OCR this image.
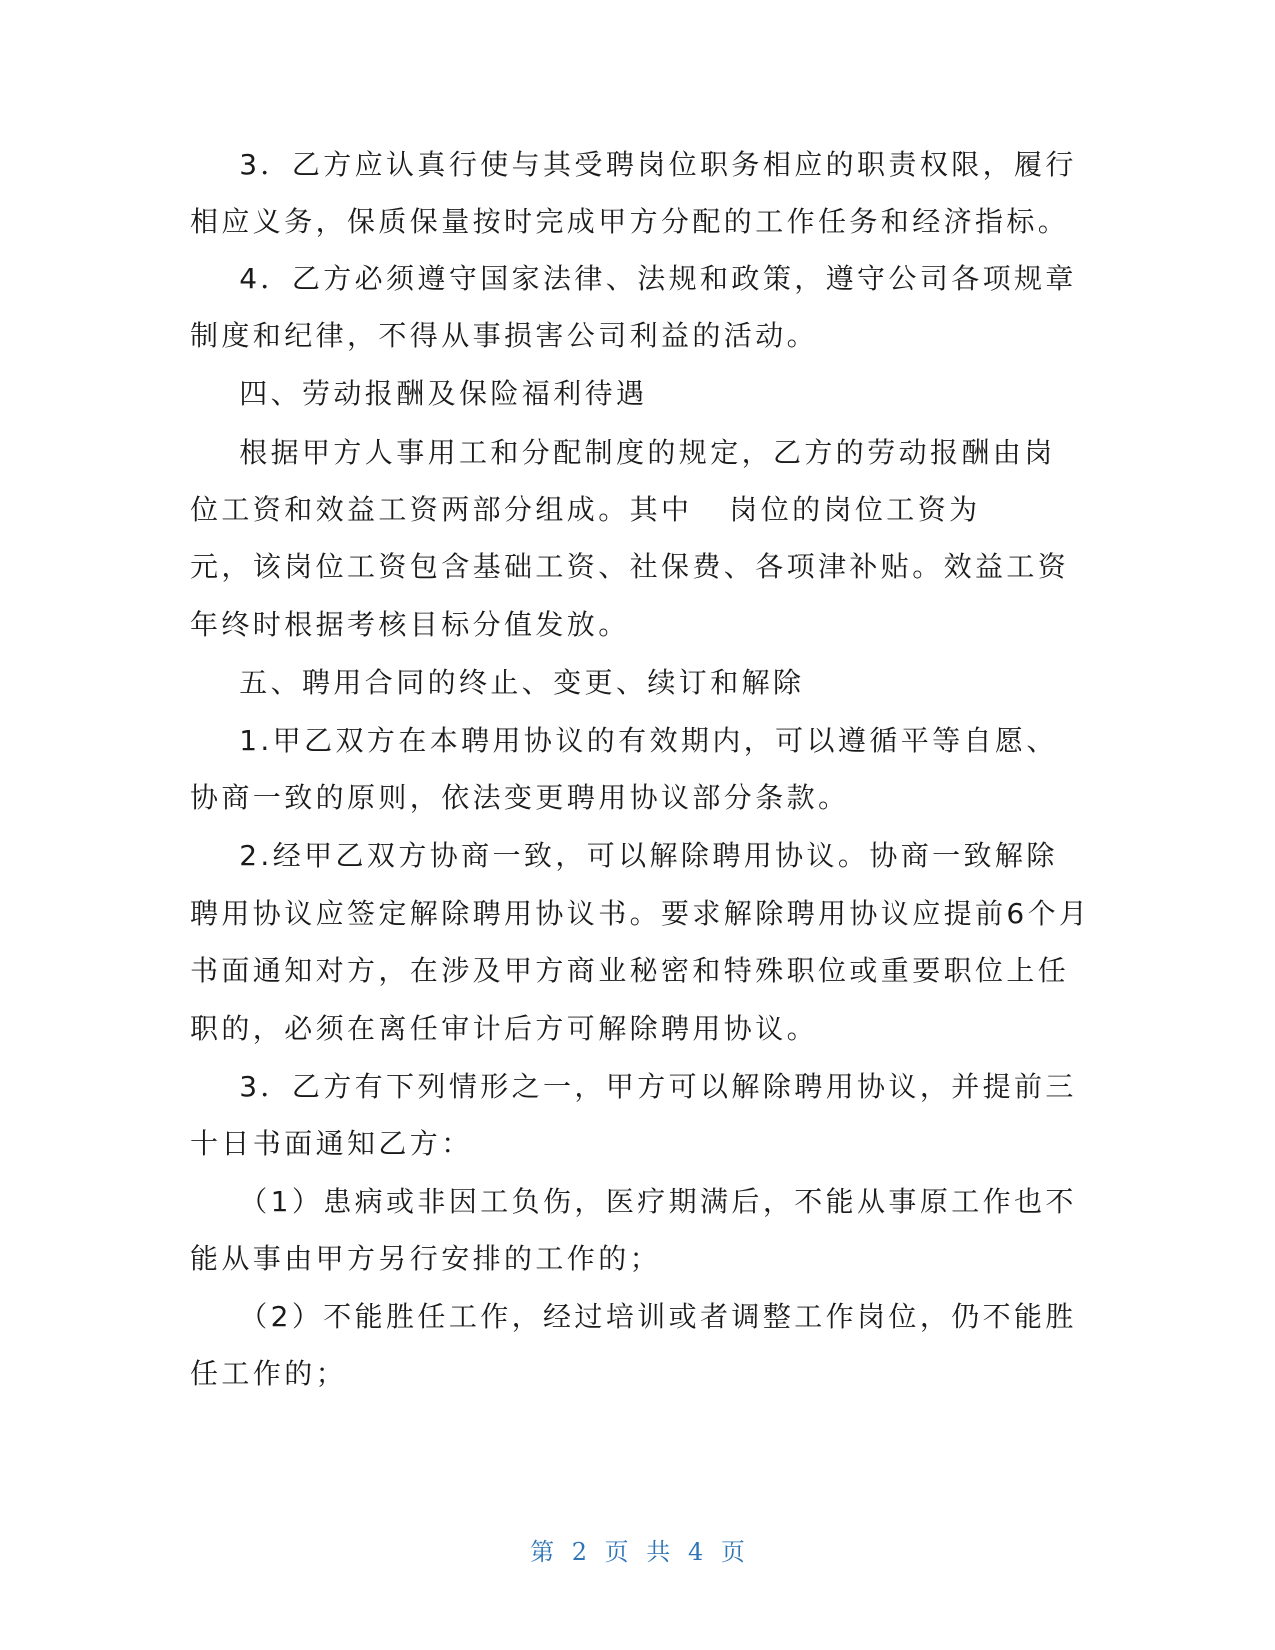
3．乙方应认真行使与其受聘岗位职务相应的职责权限，履行
相应义务，保质保量按时完成甲方分配的工作任务和经济指标。
4．乙方必须遵守国家法律、法规和政策，遵守公司各项规章
制度和纪律，不得从事损害公司利益的活动。
四、劳动报酬及保险福利待遇
根据甲方人事用工和分配制度的规定，乙方的劳动报酬由岗
位工资和效益工资两部分组成。其中   岗位的岗位工资为
元，该岗位工资包含基础工资、社保费、各项津补贴。效益工资
年终时根据考核目标分值发放。
五、聘用合同的终止、变更、续订和解除
1.甲乙双方在本聘用协议的有效期内，可以遵循平等自愿、
协商一致的原则，依法变更聘用协议部分条款。
2.经甲乙双方协商一致，可以解除聘用协议。协商一致解除
聘用协议应签定解除聘用协议书。要求解除聘用协议应提前6个月
书面通知对方，在涉及甲方商业秘密和特殊职位或重要职位上任
职的，必须在离任审计后方可解除聘用协议。
3．乙方有下列情形之一，甲方可以解除聘用协议，并提前三
十日书面通知乙方：
（1）患病或非因工负伤，医疗期满后，不能从事原工作也不
能从事由甲方另行安排的工作的；
（2）不能胜任工作，经过培训或者调整工作岗位，仍不能胜
任工作的；
第 2 页 共 4 页
